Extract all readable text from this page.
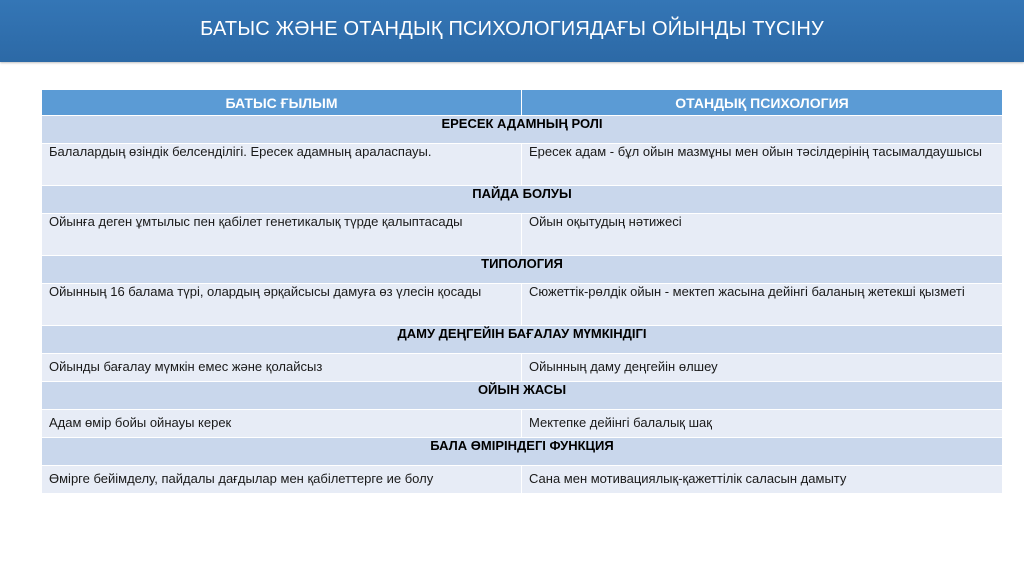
БАТЫС ЖӘНЕ ОТАНДЫҚ ПСИХОЛОГИЯДАҒЫ ОЙЫНДЫ ТҮСІНУ
БАТЫС ҒЫЛЫМ	ОТАНДЫҚ ПСИХОЛОГИЯ
ЕРЕСЕК АДАМНЫҢ РОЛІ	
Балалардың өзіндік белсенділігі. Ересек адамның араласпауы.	Ересек адам - бұл ойын мазмұны мен ойын тәсілдерінің тасымалдаушысы
ПАЙДА БОЛУЫ	
Ойынға деген ұмтылыс пен қабілет генетикалық түрде қалыптасады	Ойын оқытудың нәтижесі
ТИПОЛОГИЯ	
Ойынның 16 балама түрі, олардың әрқайсысы дамуға өз үлесін қосады	Сюжеттік-рөлдік ойын - мектеп жасына дейінгі баланың жетекші қызметі
ДАМУ ДЕҢГЕЙІН БАҒАЛАУ МҮМКІНДІГІ	
Ойынды бағалау мүмкін емес және қолайсыз	Ойынның даму деңгейін өлшеу
ОЙЫН ЖАСЫ	
Адам өмір бойы ойнауы керек	Мектепке дейінгі балалық шақ
БАЛА ӨМІРІНДЕГІ ФУНКЦИЯ	
Өмірге бейімделу, пайдалы дағдылар мен қабілеттерге ие болу	Сана мен мотивациялық-қажеттілік саласын дамыту
